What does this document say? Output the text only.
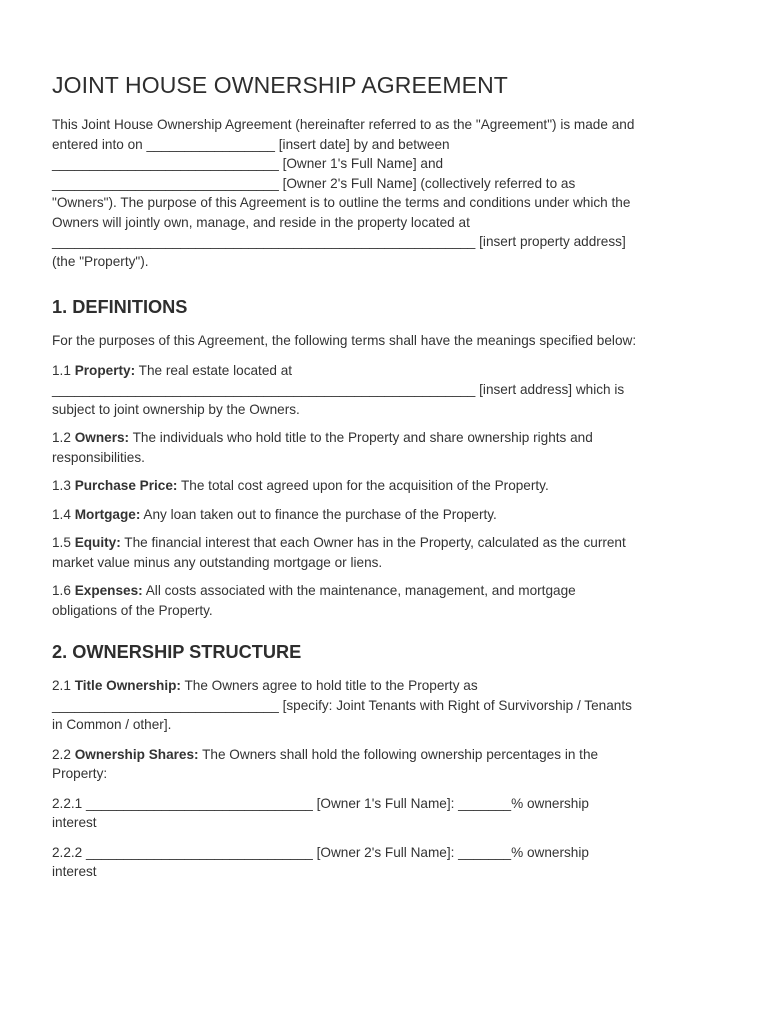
JOINT HOUSE OWNERSHIP AGREEMENT

This Joint House Ownership Agreement (hereinafter referred to as the "Agreement") is made and

entered into on _________________ [insert date] by and between

______________________________ [Owner 1's Full Name] and

______________________________ [Owner 2's Full Name] (collectively referred to as

"Owners"). The purpose of this Agreement is to outline the terms and conditions under which the

Owners will jointly own, manage, and reside in the property located at

________________________________________________________ [insert property address]

(the "Property").

1. DEFINITIONS

For the purposes of this Agreement, the following terms shall have the meanings specified below:

1.1 Property: The real estate located at

________________________________________________________ [insert address] which is

subject to joint ownership by the Owners.

1.2 Owners: The individuals who hold title to the Property and share ownership rights and

responsibilities.

1.3 Purchase Price: The total cost agreed upon for the acquisition of the Property.

1.4 Mortgage: Any loan taken out to finance the purchase of the Property.

1.5 Equity: The financial interest that each Owner has in the Property, calculated as the current

market value minus any outstanding mortgage or liens.

1.6 Expenses: All costs associated with the maintenance, management, and mortgage

obligations of the Property.

2. OWNERSHIP STRUCTURE

2.1 Title Ownership: The Owners agree to hold title to the Property as

______________________________ [specify: Joint Tenants with Right of Survivorship / Tenants

in Common / other].

2.2 Ownership Shares: The Owners shall hold the following ownership percentages in the

Property:

2.2.1 ______________________________ [Owner 1's Full Name]: _______% ownership

interest

2.2.2 ______________________________ [Owner 2's Full Name]: _______% ownership

interest
